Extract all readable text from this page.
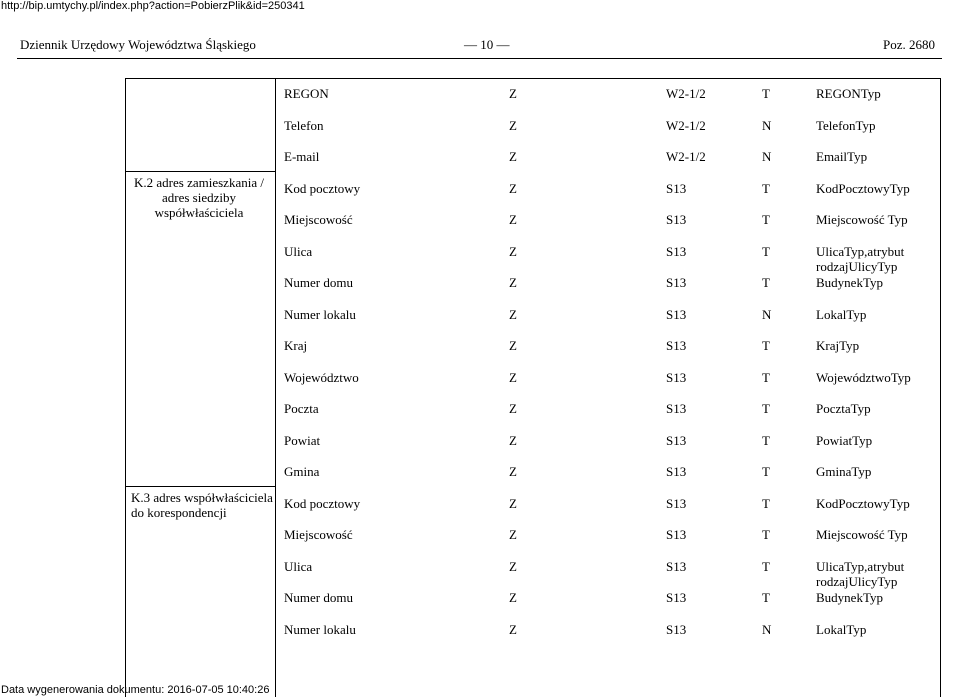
http://bip.umtychy.pl/index.php?action=PobierzPlik&id=250341
Dziennik Urzędowy Województwa Śląskiego	— 10 —	Poz. 2680
REGON	Z	W2-1/2	T	REGONTyp
Telefon	Z	W2-1/2	N	TelefonTyp
E-mail	Z	W2-1/2	N	EmailTyp
K.2 adres zamieszkania / adres siedziby współwłaściciela
Kod pocztowy	Z	S13	T	KodPocztowyTyp
Miejscowość	Z	S13	T	Miejscowość Typ
Ulica	Z	S13	T	UlicaTyp,atrybut
rodzajUlicyTyp
Numer domu	Z	S13	T	BudynekTyp
Numer lokalu	Z	S13	N	LokalTyp
Kraj	Z	S13	T	KrajTyp
Województwo	Z	S13	T	WojewództwoTyp
Poczta	Z	S13	T	PocztaTyp
Powiat	Z	S13	T	PowiatTyp
Gmina	Z	S13	T	GminaTyp
K.3 adres współwłaściciela do korespondencji
Kod pocztowy	Z	S13	T	KodPocztowyTyp
Miejscowość	Z	S13	T	Miejscowość Typ
Ulica	Z	S13	T	UlicaTyp,atrybut
rodzajUlicyTyp
Numer domu	Z	S13	T	BudynekTyp
Numer lokalu	Z	S13	N	LokalTyp
Data wygenerowania dokumentu: 2016-07-05 10:40:26
